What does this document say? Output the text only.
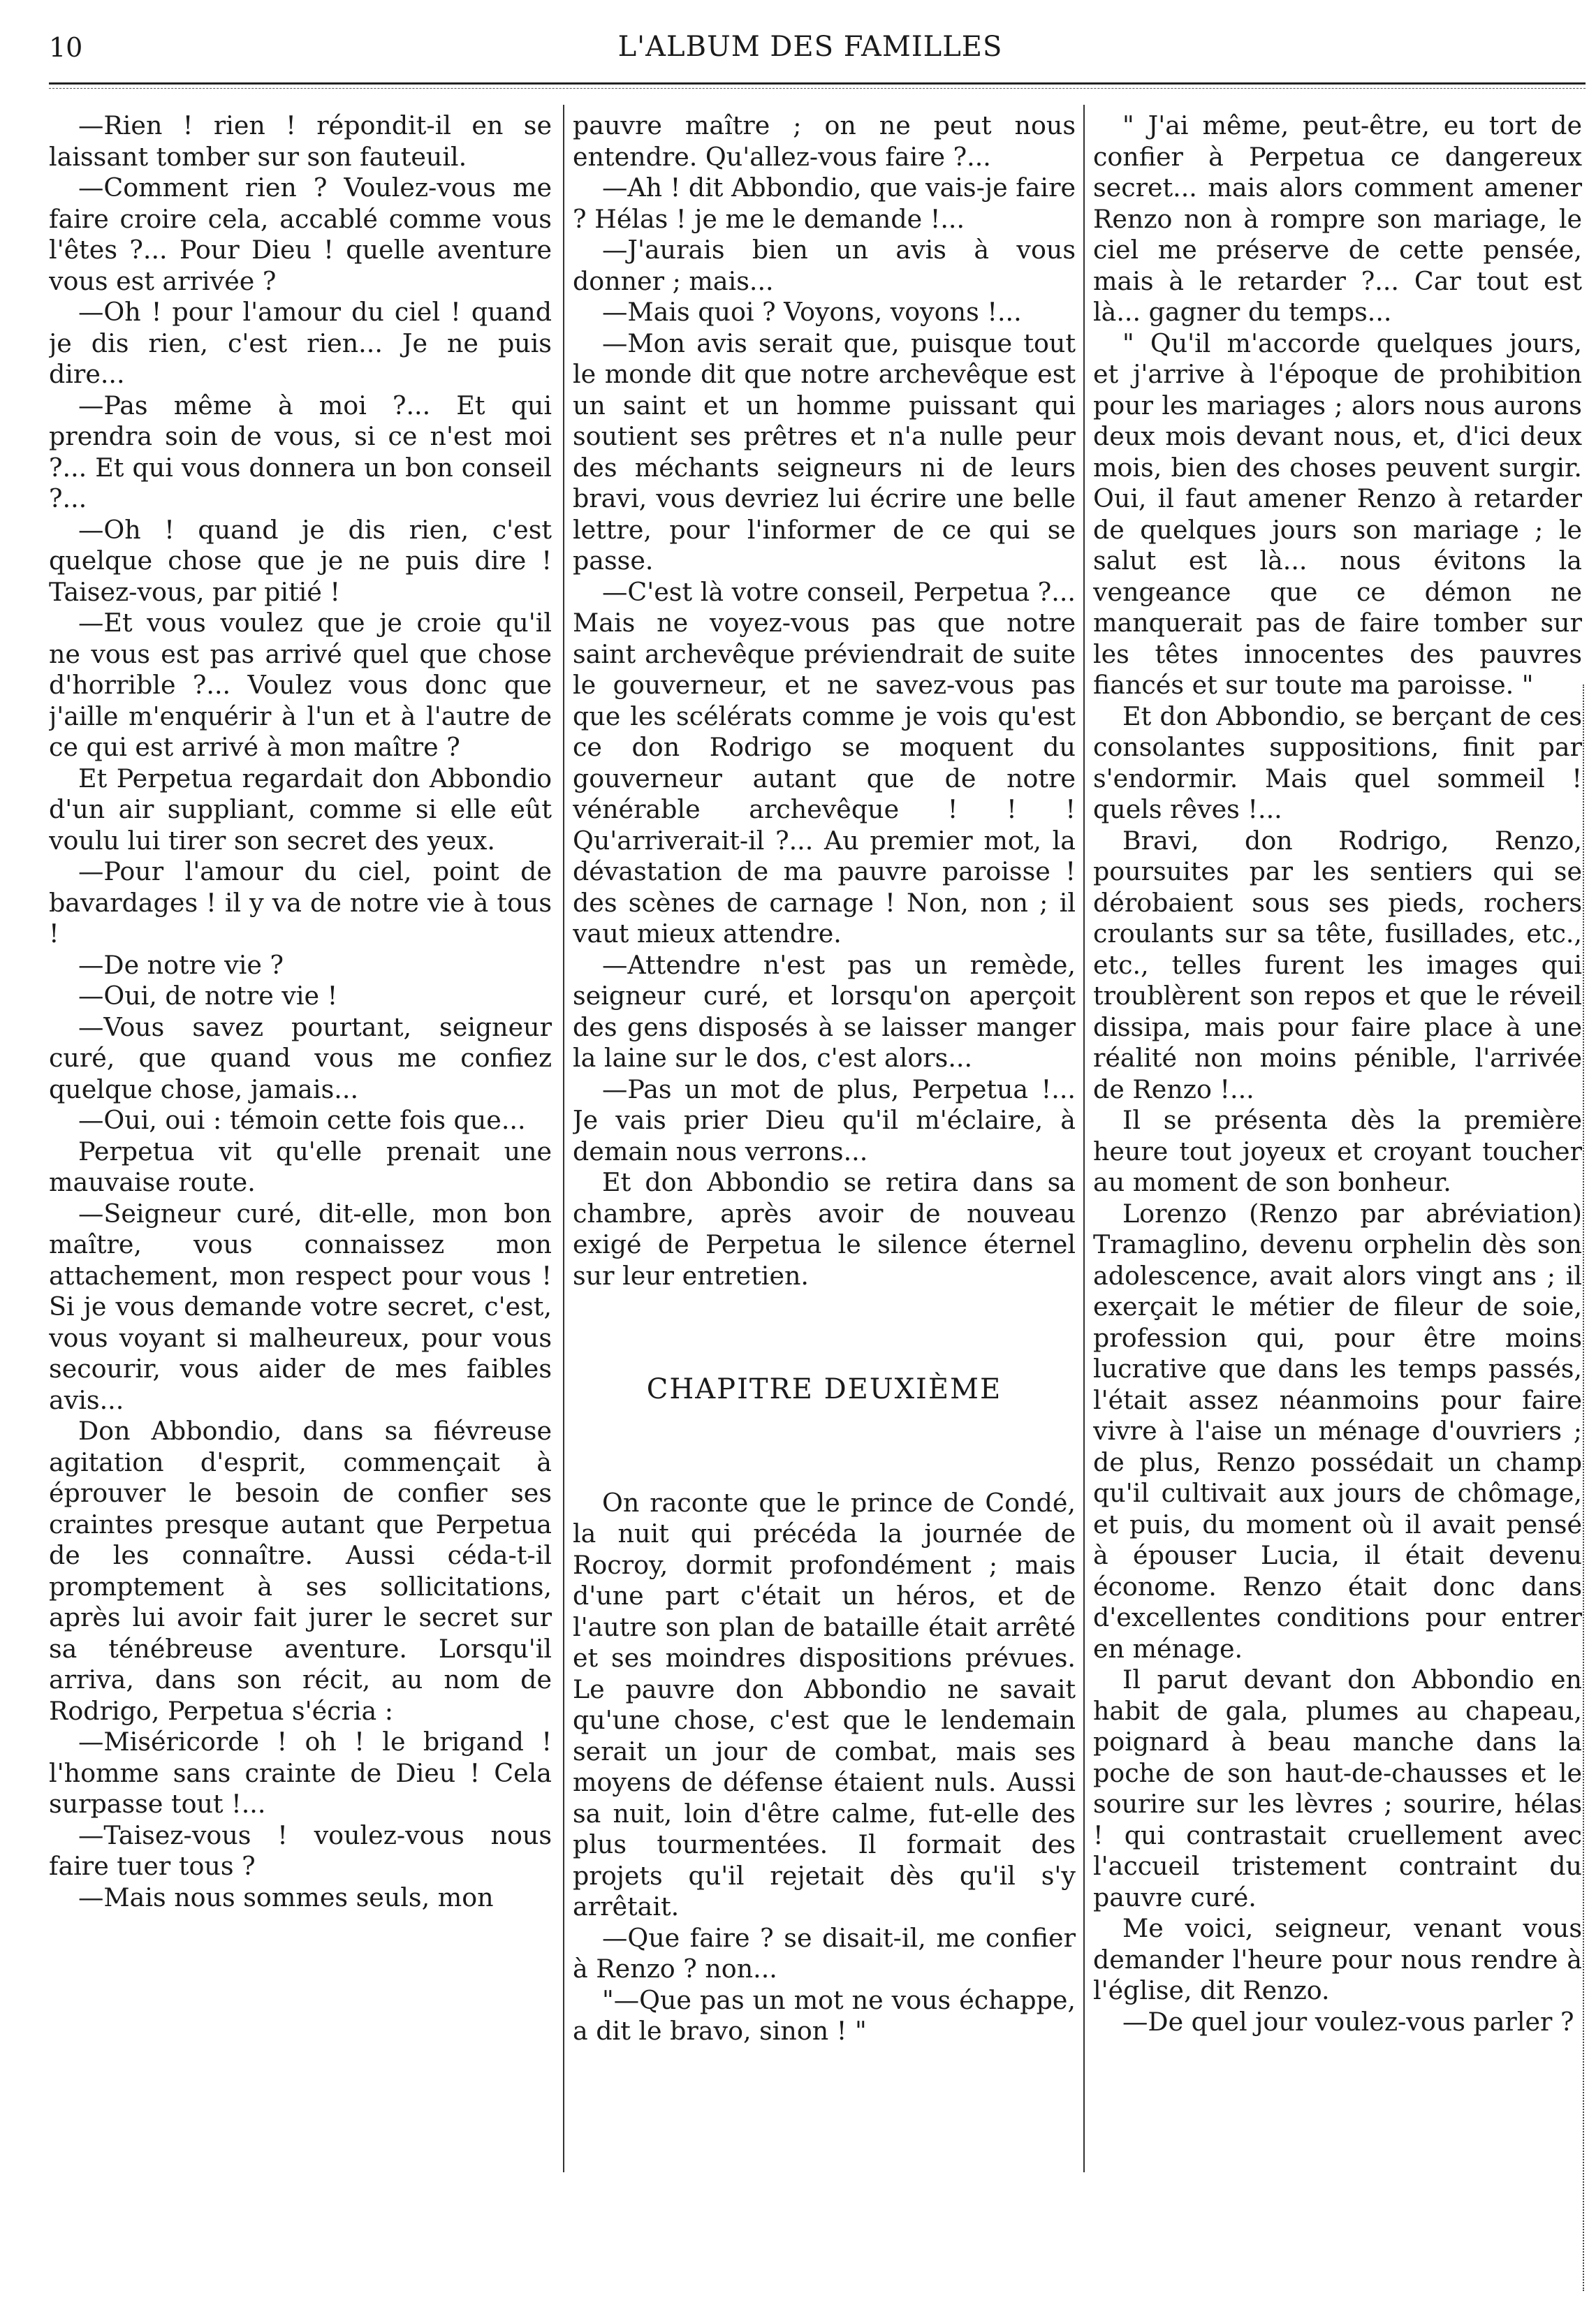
10	L'ALBUM DES FAMILLES

—Rien ! rien ! répondit-il en se laissant tomber sur son fauteuil.

—Comment rien ? Voulez-vous me faire croire cela, accablé comme vous l'êtes ?... Pour Dieu ! quelle aventure vous est arrivée ?

—Oh ! pour l'amour du ciel ! quand je dis rien, c'est rien... Je ne puis dire...

—Pas même à moi ?... Et qui prendra soin de vous, si ce n'est moi ?... Et qui vous donnera un bon conseil ?...

—Oh ! quand je dis rien, c'est quelque chose que je ne puis dire ! Taisez-vous, par pitié !

—Et vous voulez que je croie qu'il ne vous est pas arrivé quel que chose d'horrible ?... Voulez vous donc que j'aille m'enquérir à l'un et à l'autre de ce qui est arrivé à mon maître ?

Et Perpetua regardait don Abbondio d'un air suppliant, comme si elle eût voulu lui tirer son secret des yeux.

—Pour l'amour du ciel, point de bavardages ! il y va de notre vie à tous !

—De notre vie ?

—Oui, de notre vie !

—Vous savez pourtant, seigneur curé, que quand vous me confiez quelque chose, jamais...

—Oui, oui : témoin cette fois que...

Perpetua vit qu'elle prenait une mauvaise route.

—Seigneur curé, dit-elle, mon bon maître, vous connaissez mon attachement, mon respect pour vous ! Si je vous demande votre secret, c'est, vous voyant si malheureux, pour vous secourir, vous aider de mes faibles avis...

Don Abbondio, dans sa fiévreuse agitation d'esprit, commençait à éprouver le besoin de confier ses craintes presque autant que Perpetua de les connaître. Aussi céda-t-il promptement à ses sollicitations, après lui avoir fait jurer le secret sur sa ténébreuse aventure. Lorsqu'il arriva, dans son récit, au nom de Rodrigo, Perpetua s'écria :

—Miséricorde ! oh ! le brigand ! l'homme sans crainte de Dieu ! Cela surpasse tout !...

—Taisez-vous ! voulez-vous nous faire tuer tous ?

—Mais nous sommes seuls, mon

pauvre maître ; on ne peut nous entendre. Qu'allez-vous faire ?...

—Ah ! dit Abbondio, que vais-je faire ? Hélas ! je me le demande !...

—J'aurais bien un avis à vous donner ; mais...

—Mais quoi ? Voyons, voyons !...

—Mon avis serait que, puisque tout le monde dit que notre archevêque est un saint et un homme puissant qui soutient ses prêtres et n'a nulle peur des méchants seigneurs ni de leurs bravi, vous devriez lui écrire une belle lettre, pour l'informer de ce qui se passe.

—C'est là votre conseil, Perpetua ?... Mais ne voyez-vous pas que notre saint archevêque préviendrait de suite le gouverneur, et ne savez-vous pas que les scélérats comme je vois qu'est ce don Rodrigo se moquent du gouverneur autant que de notre vénérable archevêque ! ! ! Qu'arriverait-il ?... Au premier mot, la dévastation de ma pauvre paroisse ! des scènes de carnage ! Non, non ; il vaut mieux attendre.

—Attendre n'est pas un remède, seigneur curé, et lorsqu'on aperçoit des gens disposés à se laisser manger la laine sur le dos, c'est alors...

—Pas un mot de plus, Perpetua !... Je vais prier Dieu qu'il m'éclaire, à demain nous verrons...

Et don Abbondio se retira dans sa chambre, après avoir de nouveau exigé de Perpetua le silence éternel sur leur entretien.

CHAPITRE DEUXIÈME

On raconte que le prince de Condé, la nuit qui précéda la journée de Rocroy, dormit profondément ; mais d'une part c'était un héros, et de l'autre son plan de bataille était arrêté et ses moindres dispositions prévues. Le pauvre don Abbondio ne savait qu'une chose, c'est que le lendemain serait un jour de combat, mais ses moyens de défense étaient nuls. Aussi sa nuit, loin d'être calme, fut-elle des plus tourmentées. Il formait des projets qu'il rejetait dès qu'il s'y arrêtait.

—Que faire ? se disait-il, me confier à Renzo ? non...

"—Que pas un mot ne vous échappe, a dit le bravo, sinon ! "

" J'ai même, peut-être, eu tort de confier à Perpetua ce dangereux secret... mais alors comment amener Renzo non à rompre son mariage, le ciel me préserve de cette pensée, mais à le retarder ?... Car tout est là... gagner du temps...

" Qu'il m'accorde quelques jours, et j'arrive à l'époque de prohibition pour les mariages ; alors nous aurons deux mois devant nous, et, d'ici deux mois, bien des choses peuvent surgir. Oui, il faut amener Renzo à retarder de quelques jours son mariage ; le salut est là... nous évitons la vengeance que ce démon ne manquerait pas de faire tomber sur les têtes innocentes des pauvres fiancés et sur toute ma paroisse. "

Et don Abbondio, se berçant de ces consolantes suppositions, finit par s'endormir. Mais quel sommeil ! quels rêves !...

Bravi, don Rodrigo, Renzo, poursuites par les sentiers qui se dérobaient sous ses pieds, rochers croulants sur sa tête, fusillades, etc., etc., telles furent les images qui troublèrent son repos et que le réveil dissipa, mais pour faire place à une réalité non moins pénible, l'arrivée de Renzo !...

Il se présenta dès la première heure tout joyeux et croyant toucher au moment de son bonheur.

Lorenzo (Renzo par abréviation) Tramaglino, devenu orphelin dès son adolescence, avait alors vingt ans ; il exerçait le métier de fileur de soie, profession qui, pour être moins lucrative que dans les temps passés, l'était assez néanmoins pour faire vivre à l'aise un ménage d'ouvriers ; de plus, Renzo possédait un champ qu'il cultivait aux jours de chômage, et puis, du moment où il avait pensé à épouser Lucia, il était devenu économe. Renzo était donc dans d'excellentes conditions pour entrer en ménage.

Il parut devant don Abbondio en habit de gala, plumes au chapeau, poignard à beau manche dans la poche de son haut-de-chausses et le sourire sur les lèvres ; sourire, hélas ! qui contrastait cruellement avec l'accueil tristement contraint du pauvre curé.

Me voici, seigneur, venant vous demander l'heure pour nous rendre à l'église, dit Renzo.

—De quel jour voulez-vous parler ?
